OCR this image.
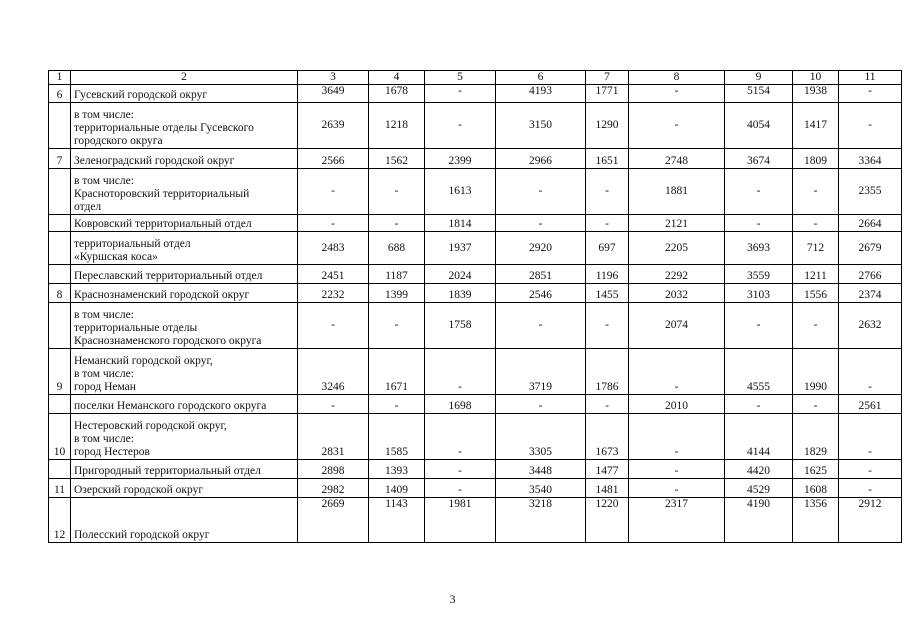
1	2	3	4	5	6	7	8	9	10	11
6	Гусевский городской округ	3649	1678	-	4193	1771	-	5154	1938	-
	в том числе:
территориальные отделы Гусевского
городского округа	2639	1218	-	3150	1290	-	4054	1417	-
7	Зеленоградский городской округ	2566	1562	2399	2966	1651	2748	3674	1809	3364
	в том числе:
Красноторовский территориальный
отдел	-	-	1613	-	-	1881	-	-	2355
	Ковровский территориальный отдел	-	-	1814	-	-	2121	-	-	2664
	территориальный отдел
«Куршская коса»	2483	688	1937	2920	697	2205	3693	712	2679
	Переславский территориальный отдел	2451	1187	2024	2851	1196	2292	3559	1211	2766
8	Краснознаменский городской округ	2232	1399	1839	2546	1455	2032	3103	1556	2374
	в том числе:
территориальные отделы
Краснознаменского городского округа	-	-	1758	-	-	2074	-	-	2632
9	Неманский городской округ,
в том числе:
город Неман	3246	1671	-	3719	1786	-	4555	1990	-
	поселки Неманского городского округа	-	-	1698	-	-	2010	-	-	2561
10	Нестеровский городской округ,
в том числе:
город Нестеров	2831	1585	-	3305	1673	-	4144	1829	-
	Пригородный территориальный отдел	2898	1393	-	3448	1477	-	4420	1625	-
11	Озерский городской округ	2982	1409	-	3540	1481	-	4529	1608	-
12	Полесский городской округ	2669	1143	1981	3218	1220	2317	4190	1356	2912
3
